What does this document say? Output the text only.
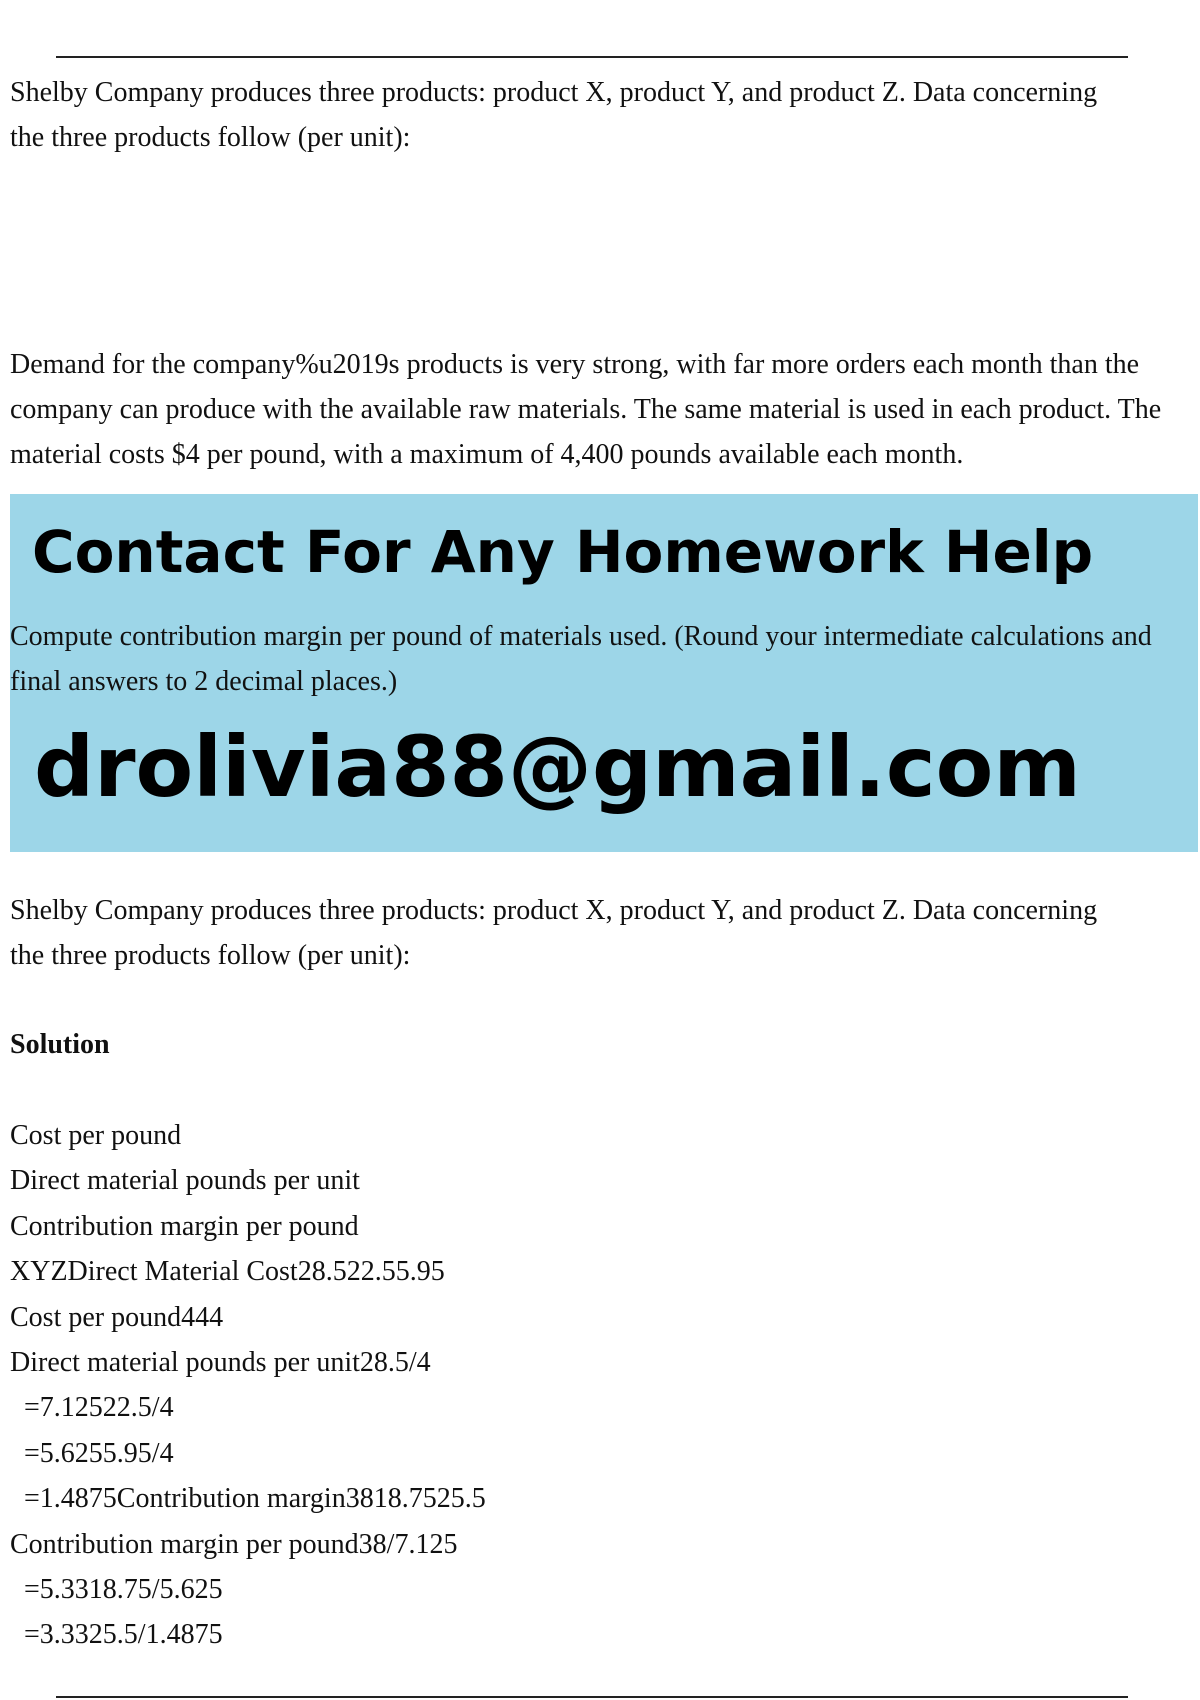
Shelby Company produces three products: product X, product Y, and product Z. Data concerning the three products follow (per unit):

Demand for the company%u2019s products is very strong, with far more orders each month than the company can produce with the available raw materials. The same material is used in each product. The material costs $4 per pound, with a maximum of 4,400 pounds available each month.

Contact For Any Homework Help

Compute contribution margin per pound of materials used. (Round your intermediate calculations and final answers to 2 decimal places.)

drolivia88@gmail.com

Shelby Company produces three products: product X, product Y, and product Z. Data concerning the three products follow (per unit):

Solution

Cost per pound
Direct material pounds per unit
Contribution margin per pound
XYZDirect Material Cost28.522.55.95
Cost per pound444
Direct material pounds per unit28.5/4
=7.12522.5/4
=5.6255.95/4
=1.4875Contribution margin3818.7525.5
Contribution margin per pound38/7.125
=5.3318.75/5.625
=3.3325.5/1.4875
